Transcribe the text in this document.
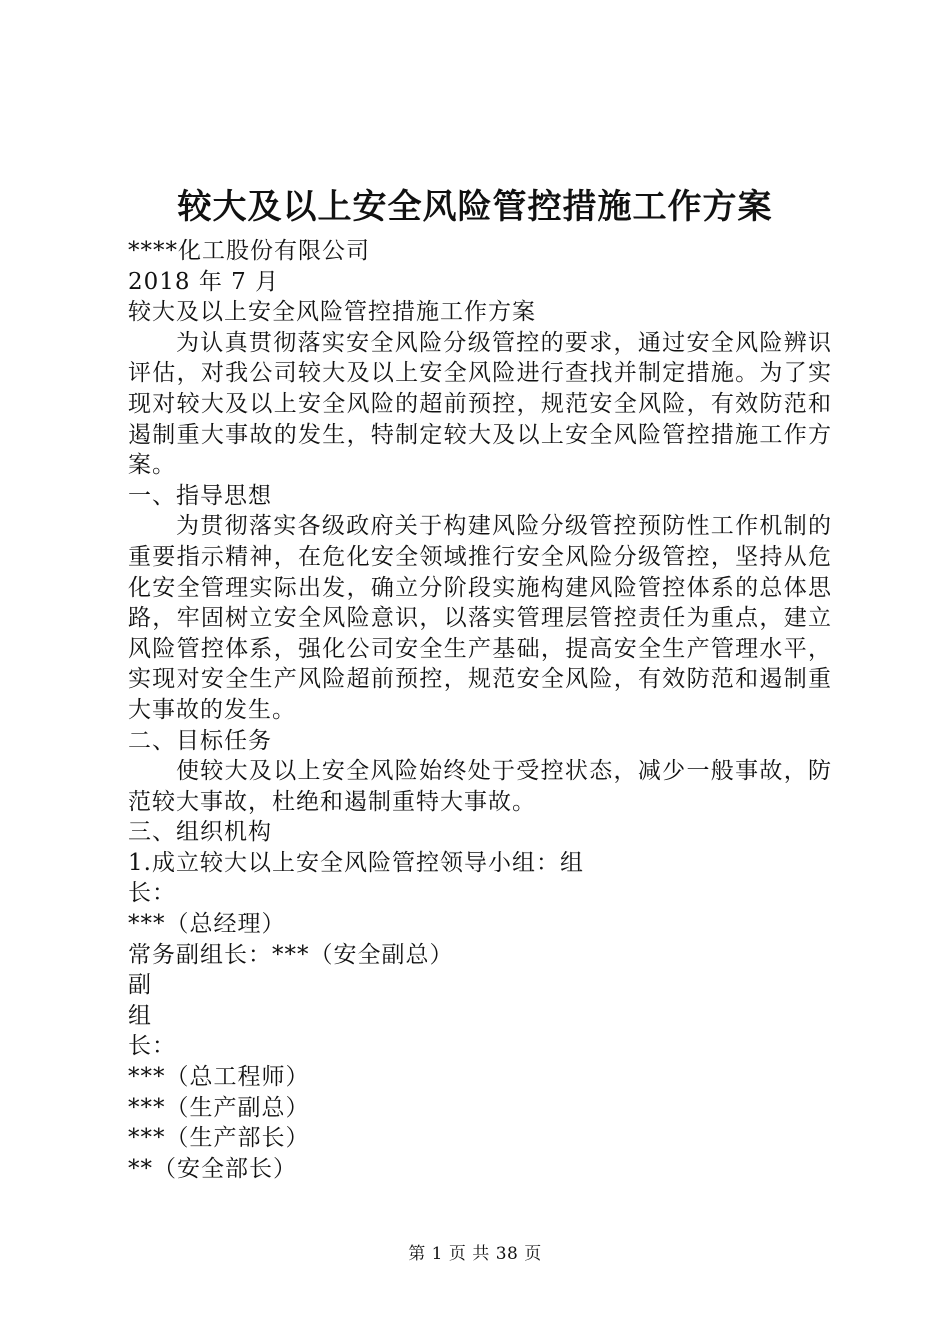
较大及以上安全风险管控措施工作方案

****化工股份有限公司

2018 年 7 月

较大及以上安全风险管控措施工作方案

为认真贯彻落实安全风险分级管控的要求，通过安全风险辨识评估，对我公司较大及以上安全风险进行查找并制定措施。为了实现对较大及以上安全风险的超前预控，规范安全风险，有效防范和遏制重大事故的发生，特制定较大及以上安全风险管控措施工作方案。

一、指导思想

为贯彻落实各级政府关于构建风险分级管控预防性工作机制的重要指示精神，在危化安全领域推行安全风险分级管控，坚持从危化安全管理实际出发，确立分阶段实施构建风险管控体系的总体思路，牢固树立安全风险意识，以落实管理层管控责任为重点，建立风险管控体系，强化公司安全生产基础，提高安全生产管理水平，实现对安全生产风险超前预控，规范安全风险，有效防范和遏制重大事故的发生。

二、目标任务

使较大及以上安全风险始终处于受控状态，减少一般事故，防范较大事故，杜绝和遏制重特大事故。

三、组织机构

1.成立较大以上安全风险管控领导小组：组

长：

***（总经理）

常务副组长：***（安全副总）

副

组

长：

***（总工程师）

***（生产副总）

***（生产部长）

**（安全部长）

第 1 页 共 38 页
